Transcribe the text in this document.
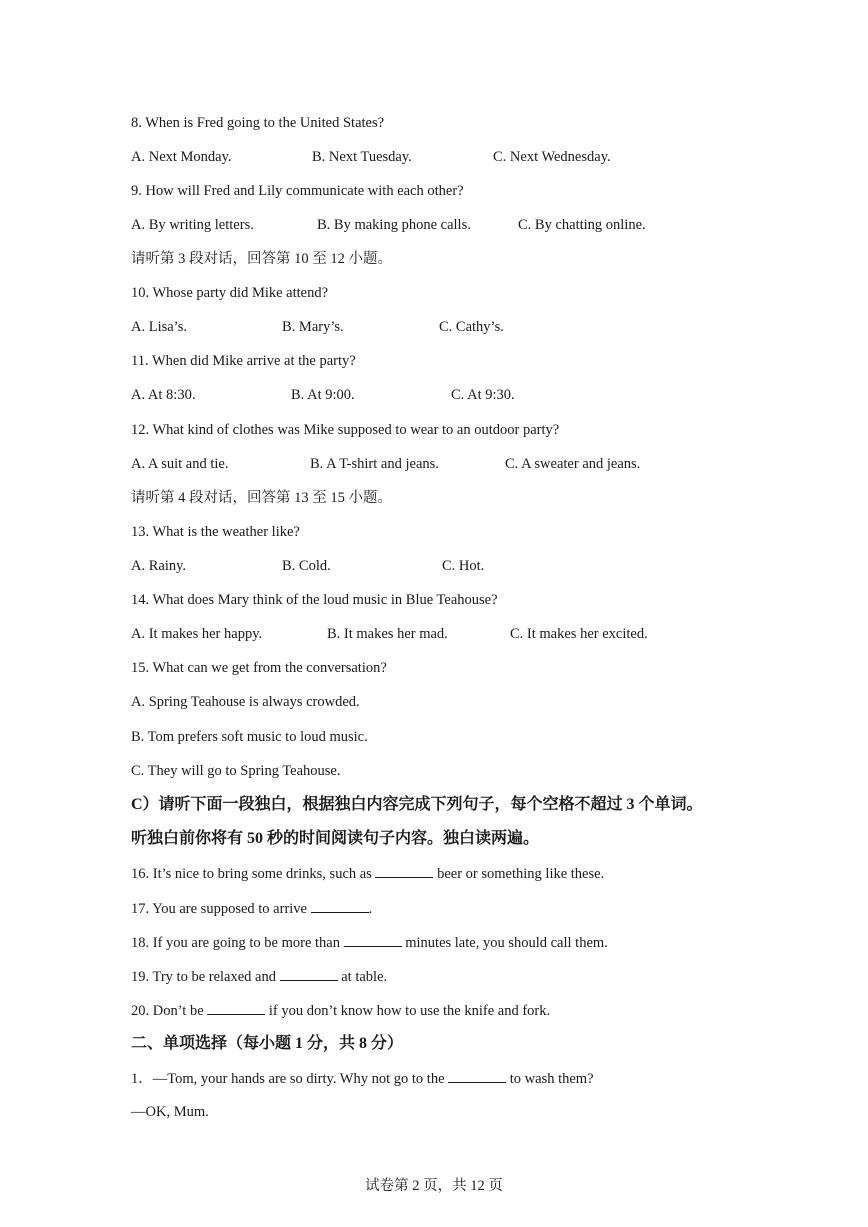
8. When is Fred going to the United States?
A. Next Monday.	B. Next Tuesday.	C. Next Wednesday.
9. How will Fred and Lily communicate with each other?
A. By writing letters.	B. By making phone calls.	C. By chatting online.
请听第 3 段对话，回答第 10 至 12 小题。
10. Whose party did Mike attend?
A. Lisa’s.	B. Mary’s.	C. Cathy’s.
11. When did Mike arrive at the party?
A. At 8:30.	B. At 9:00.	C. At 9:30.
12. What kind of clothes was Mike supposed to wear to an outdoor party?
A. A suit and tie.	B. A T-shirt and jeans.	C. A sweater and jeans.
请听第 4 段对话，回答第 13 至 15 小题。
13. What is the weather like?
A. Rainy.	B. Cold.	C. Hot.
14. What does Mary think of the loud music in Blue Teahouse?
A. It makes her happy.	B. It makes her mad.	C. It makes her excited.
15. What can we get from the conversation?
A. Spring Teahouse is always crowded.
B. Tom prefers soft music to loud music.
C. They will go to Spring Teahouse.
C）请听下面一段独白，根据独白内容完成下列句子，每个空格不超过 3 个单词。
听独白前你将有 50 秒的时间阅读句子内容。独白读两遍。
16. It’s nice to bring some drinks, such as	beer or something like these.
17. You are supposed to arrive	.
18. If you are going to be more than	minutes late, you should call them.
19. Try to be relaxed and	at table.
20. Don’t be	if you don’t know how to use the knife and fork.
二、单项选择（每小题 1 分，共 8 分）
1．—Tom, your hands are so dirty. Why not go to the	to wash them?
—OK, Mum.
试卷第 2 页，共 12 页
